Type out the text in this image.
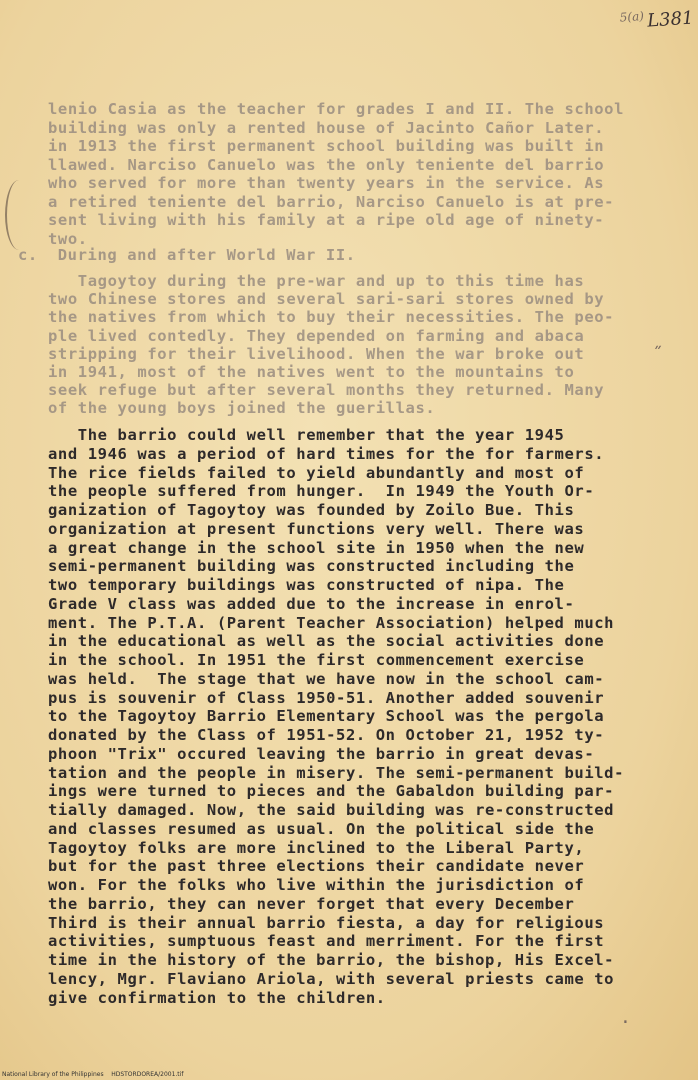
$^{5(a)}$ L381
lenio Casia as the teacher for grades I and II. The school
building was only a rented house of Jacinto Cañor Later.
in 1913 the first permanent school building was built in
llawed. Narciso Canuelo was the only teniente del barrio
who served for more than twenty years in the service. As
a retired teniente del barrio, Narciso Canuelo is at pre-
sent living with his family at a ripe old age of ninety-
two.
c.  During and after World War II.
Tagoytoy during the pre-war and up to this time has
two Chinese stores and several sari-sari stores owned by
the natives from which to buy their necessities. The peo-
ple lived contedly. They depended on farming and abaca
stripping for their livelihood. When the war broke out
in 1941, most of the natives went to the mountains to
seek refuge but after several months they returned. Many
of the young boys joined the guerillas.
The barrio could well remember that the year 1945
and 1946 was a period of hard times for the for farmers.
The rice fields failed to yield abundantly and most of
the people suffered from hunger.  In 1949 the Youth Or-
ganization of Tagoytoy was founded by Zoilo Bue. This
organization at present functions very well. There was
a great change in the school site in 1950 when the new
semi-permanent building was constructed including the
two temporary buildings was constructed of nipa. The
Grade V class was added due to the increase in enrol-
ment. The P.T.A. (Parent Teacher Association) helped much
in the educational as well as the social activities done
in the school. In 1951 the first commencement exercise
was held.  The stage that we have now in the school cam-
pus is souvenir of Class 1950-51. Another added souvenir
to the Tagoytoy Barrio Elementary School was the pergola
donated by the Class of 1951-52. On October 21, 1952 ty-
phoon "Trix" occured leaving the barrio in great devas-
tation and the people in misery. The semi-permanent build-
ings were turned to pieces and the Gabaldon building par-
tially damaged. Now, the said building was re-constructed
and classes resumed as usual. On the political side the
Tagoytoy folks are more inclined to the Liberal Party,
but for the past three elections their candidate never
won. For the folks who live within the jurisdiction of
the barrio, they can never forget that every December
Third is their annual barrio fiesta, a day for religious
activities, sumptuous feast and merriment. For the first
time in the history of the barrio, the bishop, His Excel-
lency, Mgr. Flaviano Ariola, with several priests came to
give confirmation to the children.
˝
·
National Library of the Philippines    HDSTORDOREA/2001.tif
